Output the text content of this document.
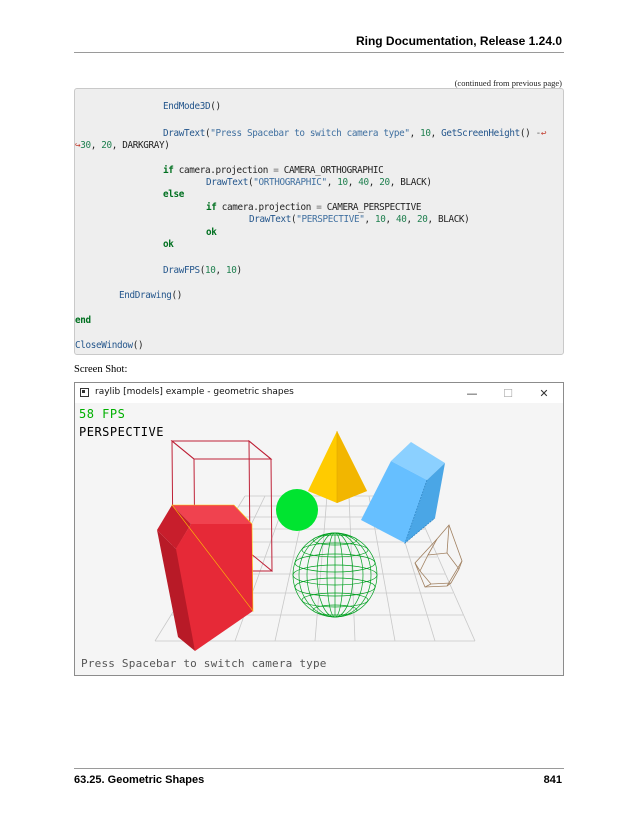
Ring Documentation, Release 1.24.0
(continued from previous page)
EndMode3D()
DrawText("Press Spacebar to switch camera type", 10, GetScreenHeight() -↩
↪30, 20, DARKGRAY)
if camera.projection = CAMERA_ORTHOGRAPHIC
DrawText("ORTHOGRAPHIC", 10, 40, 20, BLACK)
else
if camera.projection = CAMERA_PERSPECTIVE
DrawText("PERSPECTIVE", 10, 40, 20, BLACK)
ok
ok
DrawFPS(10, 10)
EndDrawing()
end
CloseWindow()
Screen Shot:
raylib [models] example - geometric shapes	—	☐	✕
58 FPS
PERSPECTIVE
Press Spacebar to switch camera type
63.25. Geometric Shapes	841
